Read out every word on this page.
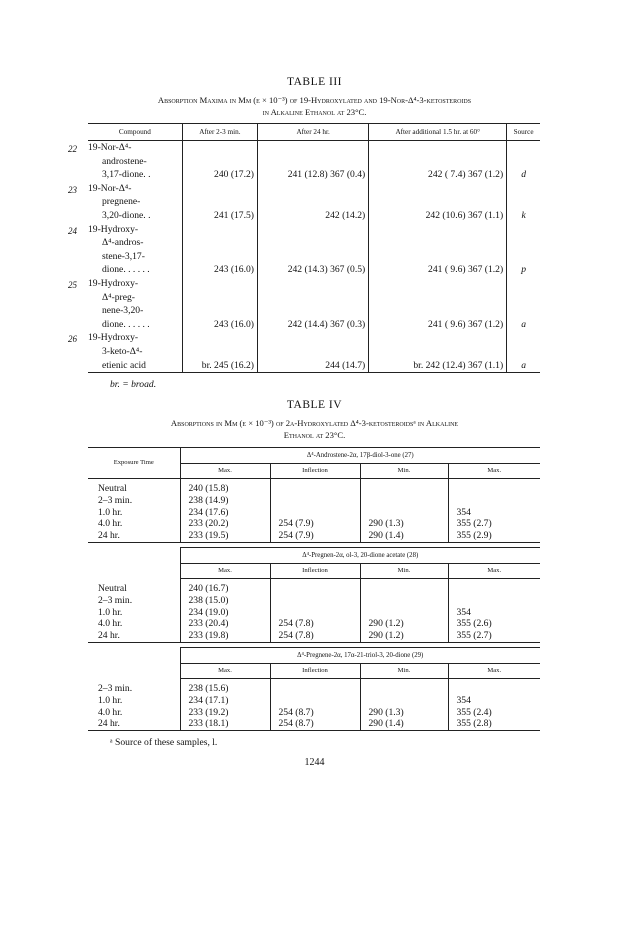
TABLE III
Absorption Maxima in Mμ (ε × 10⁻³) of 19-Hydroxylated and 19-Nor-Δ⁴-3-ketosteroids
in Alkaline Ethanol at 23°C.
Compound	After 2-3 min.	After 24 hr.	After additional 1.5 hr. at 60°	Source

22 19-Nor-Δ⁴-
androstene-
3,17-dione. .	240 (17.2)	241 (12.8) 367 (0.4)	242 ( 7.4) 367 (1.2)	d

23 19-Nor-Δ⁴-
pregnene-
3,20-dione. .	241 (17.5)	242 (14.2)	242 (10.6) 367 (1.1)	k

24 19-Hydroxy-
Δ⁴-andros-
stene-3,17-
dione. . . . . .	243 (16.0)	242 (14.3) 367 (0.5)	241 ( 9.6) 367 (1.2)	p

25 19-Hydroxy-
Δ⁴-preg-
nene-3,20-
dione. . . . . .	243 (16.0)	242 (14.4) 367 (0.3)	241 ( 9.6) 367 (1.2)	a

26 19-Hydroxy-
3-keto-Δ⁴-
etienic acid	br. 245 (16.2)	244 (14.7)	br. 242 (12.4) 367 (1.1)	a
br. = broad.
TABLE IV
Absorptions in Mμ (ε × 10⁻³) of 2α-Hydroxylated Δ⁴-3-ketosteroidsᵃ in Alkaline
Ethanol at 23°C.
Exposure Time	Δ⁴-Androstene-2α, 17β-diol-3-one (27)			
	Max.	Inflection	Min.	Max.

Neutral	240 (15.8)			
2–3 min.	238 (14.9)			
1.0 hr.	234 (17.6)			354
4.0 hr.	233 (20.2)	254 (7.9)	290 (1.3)	355 (2.7)
24 hr.	233 (19.5)	254 (7.9)	290 (1.4)	355 (2.9)

	Δ⁴-Pregnen-2α, ol-3, 20-dione acetate (28)			
	Max.	Inflection	Min.	Max.

Neutral	240 (16.7)			
2–3 min.	238 (15.0)			
1.0 hr.	234 (19.0)			354
4.0 hr.	233 (20.4)	254 (7.8)	290 (1.2)	355 (2.6)
24 hr.	233 (19.8)	254 (7.8)	290 (1.2)	355 (2.7)

	Δ⁴-Pregnene-2α, 17α-21-triol-3, 20-dione (29)			
	Max.	Inflection	Min.	Max.

2–3 min.	238 (15.6)			
1.0 hr.	234 (17.1)			354
4.0 hr.	233 (19.2)	254 (8.7)	290 (1.3)	355 (2.4)
24 hr.	233 (18.1)	254 (8.7)	290 (1.4)	355 (2.8)

ᵃ Source of these samples, l.
1244
